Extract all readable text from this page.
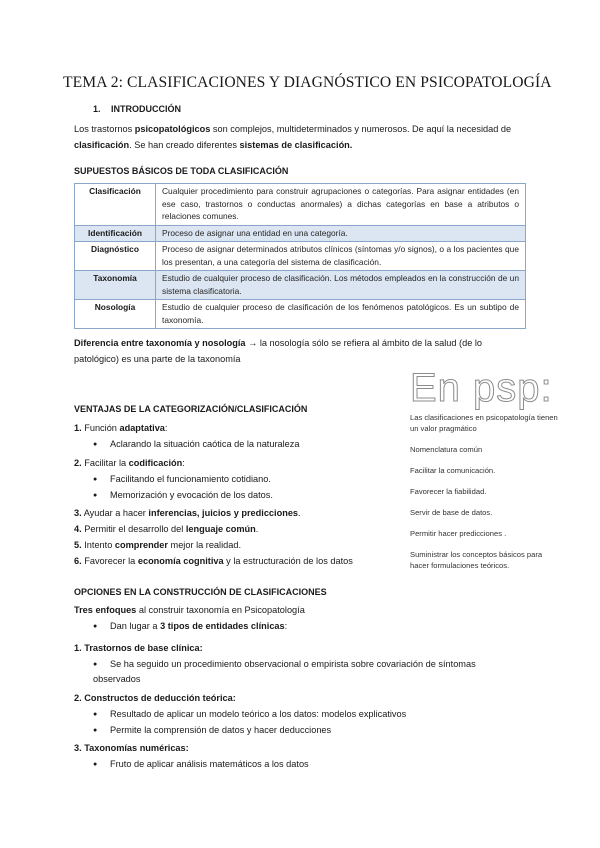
TEMA 2: CLASIFICACIONES Y DIAGNÓSTICO EN PSICOPATOLOGÍA
1. INTRODUCCIÓN
Los trastornos psicopatológicos son complejos, multideterminados y numerosos. De aquí la necesidad de clasificación. Se han creado diferentes sistemas de clasificación.
SUPUESTOS BÁSICOS DE TODA CLASIFICACIÓN
Clasificación	Cualquier procedimiento para construir agrupaciones o categorías. Para asignar entidades (en ese caso, trastornos o conductas anormales) a dichas categorías en base a atributos o relaciones comunes.
Identificación	Proceso de asignar una entidad en una categoría.
Diagnóstico	Proceso de asignar determinados atributos clínicos (síntomas y/o signos), o a los pacientes que los presentan, a una categoría del sistema de clasificación.
Taxonomía	Estudio de cualquier proceso de clasificación. Los métodos empleados en la construcción de un sistema clasificatoria.
Nosología	Estudio de cualquier proceso de clasificación de los fenómenos patológicos. Es un subtipo de taxonomía.
Diferencia entre taxonomía y nosología → la nosología sólo se refiera al ámbito de la salud (de lo patológico) es una parte de la taxonomía
En psp:
Las clasificaciones en psicopatología tienen un valor pragmático
Nomenclatura común
Facilitar la comunicación.
Favorecer la fiabilidad.
Servir de base de datos.
Permitir hacer predicciones .
Suministrar los conceptos básicos para hacer formulaciones teóricos.
VENTAJAS DE LA CATEGORIZACIÓN/CLASIFICACIÓN
1. Función adaptativa:
● Aclarando la situación caótica de la naturaleza
2. Facilitar la codificación:
● Facilitando el funcionamiento cotidiano.
● Memorización y evocación de los datos.
3. Ayudar a hacer inferencias, juicios y predicciones.
4. Permitir el desarrollo del lenguaje común.
5. Intento comprender mejor la realidad.
6. Favorecer la economía cognitiva y la estructuración de los datos
OPCIONES EN LA CONSTRUCCIÓN DE CLASIFICACIONES
Tres enfoques al construir taxonomía en Psicopatología
● Dan lugar a 3 tipos de entidades clínicas:
1. Trastornos de base clínica:
● Se ha seguido un procedimiento observacional o empirista sobre covariación de síntomas observados
2. Constructos de deducción teórica:
● Resultado de aplicar un modelo teórico a los datos: modelos explicativos
● Permite la comprensión de datos y hacer deducciones
3. Taxonomías numéricas:
● Fruto de aplicar análisis matemáticos a los datos
